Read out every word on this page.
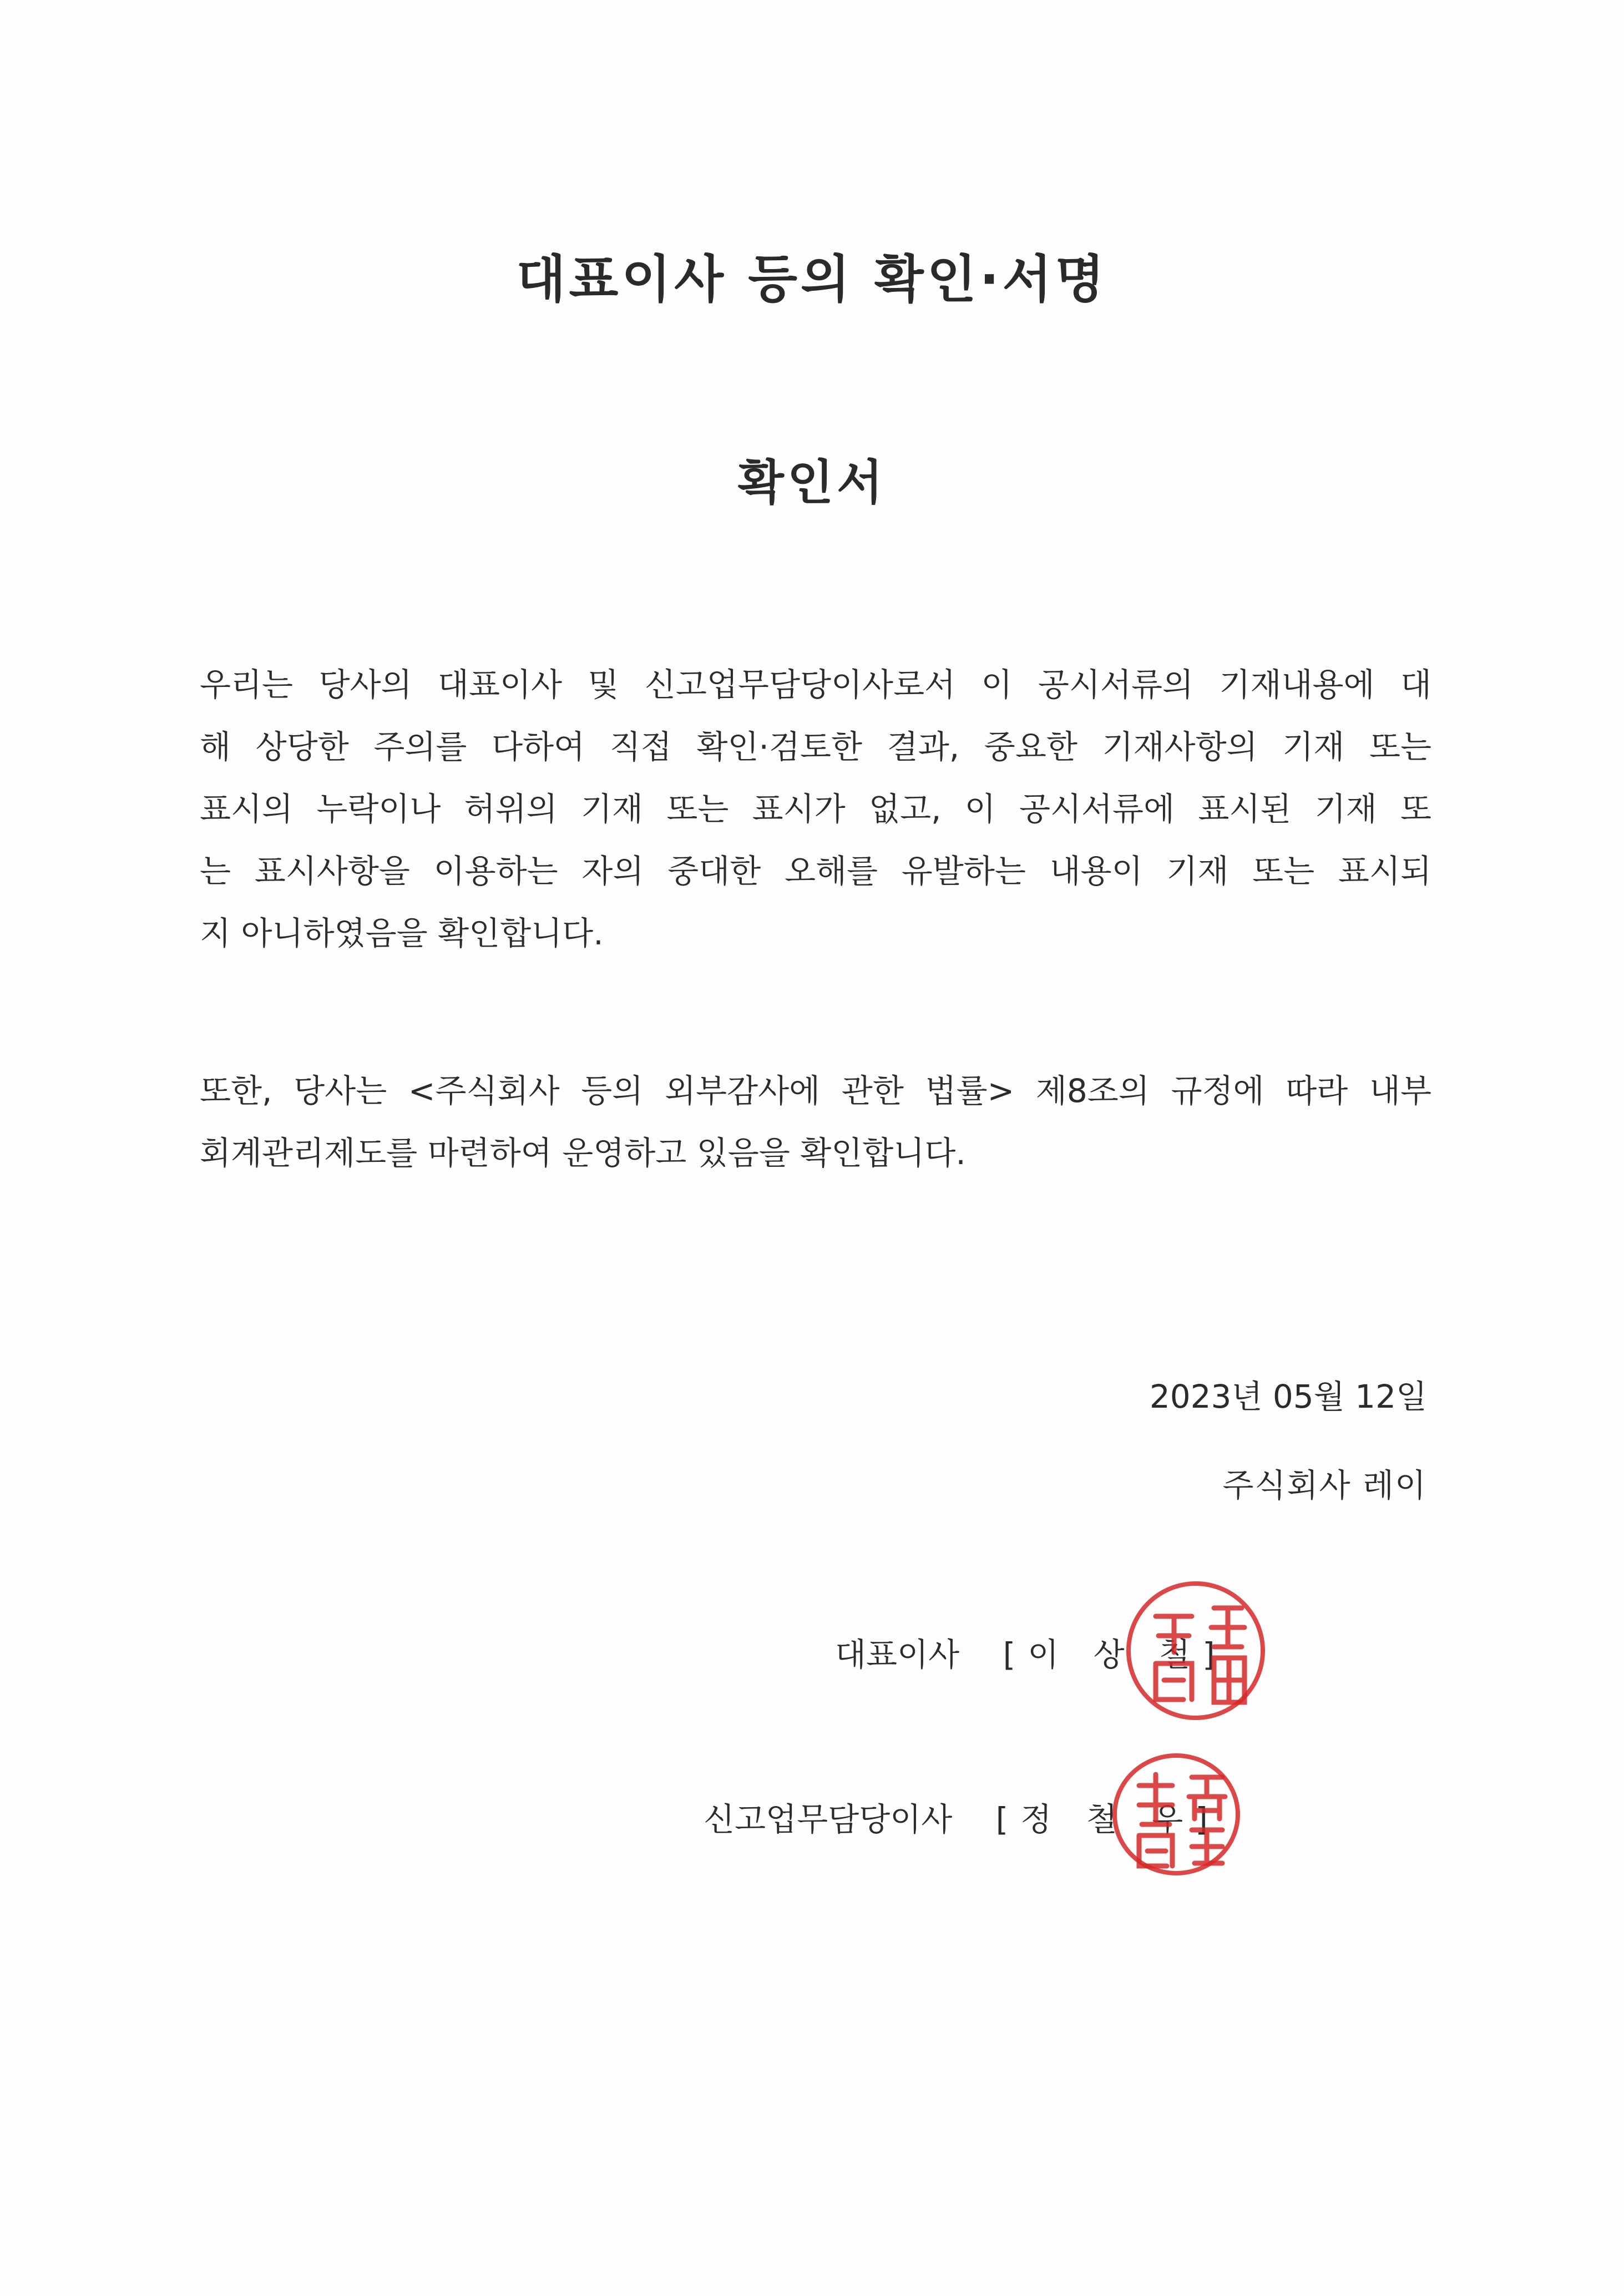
대표이사 등의 확인·서명
확인서

우리는 당사의 대표이사 및 신고업무담당이사로서 이 공시서류의 기재내용에 대
해 상당한 주의를 다하여 직접 확인·검토한 결과, 중요한 기재사항의 기재 또는
표시의 누락이나 허위의 기재 또는 표시가 없고, 이 공시서류에 표시된 기재 또
는 표시사항을 이용하는 자의 중대한 오해를 유발하는 내용이 기재 또는 표시되
지 아니하였음을 확인합니다.

또한, 당사는 <주식회사 등의 외부감사에 관한 법률> 제8조의 규정에 따라 내부
회계관리제도를 마련하여 운영하고 있음을 확인합니다.

2023년 05월 12일

주식회사 레이

대표이사 [이 상 철]
신고업무담당이사 [정 철 우]
